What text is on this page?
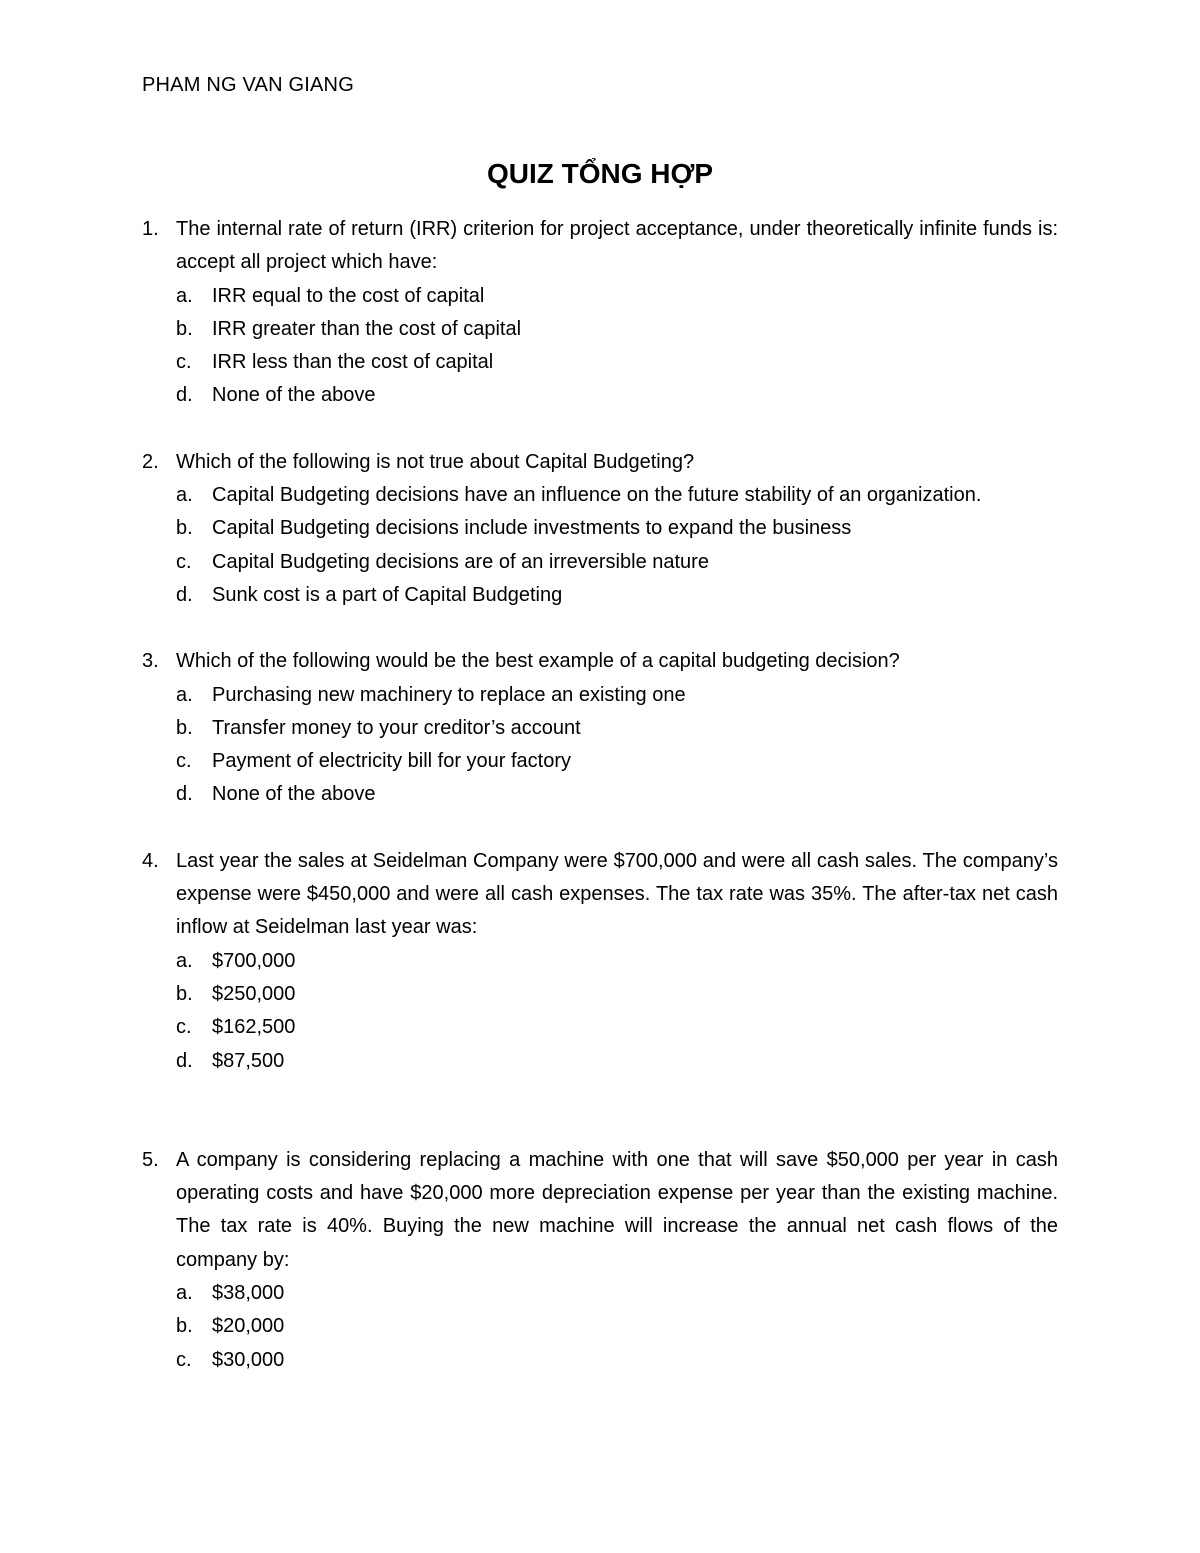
PHAM NG VAN GIANG
QUIZ TỔNG HỢP
1. The internal rate of return (IRR) criterion for project acceptance, under theoretically infinite funds is: accept all project which have:
a. IRR equal to the cost of capital
b. IRR greater than the cost of capital
c. IRR less than the cost of capital
d. None of the above
2. Which of the following is not true about Capital Budgeting?
a. Capital Budgeting decisions have an influence on the future stability of an organization.
b. Capital Budgeting decisions include investments to expand the business
c. Capital Budgeting decisions are of an irreversible nature
d. Sunk cost is a part of Capital Budgeting
3. Which of the following would be the best example of a capital budgeting decision?
a. Purchasing new machinery to replace an existing one
b. Transfer money to your creditor’s account
c. Payment of electricity bill for your factory
d. None of the above
4. Last year the sales at Seidelman Company were $700,000 and were all cash sales. The company’s expense were $450,000 and were all cash expenses. The tax rate was 35%. The after-tax net cash inflow at Seidelman last year was:
a. $700,000
b. $250,000
c. $162,500
d. $87,500
5. A company is considering replacing a machine with one that will save $50,000 per year in cash operating costs and have $20,000 more depreciation expense per year than the existing machine. The tax rate is 40%. Buying the new machine will increase the annual net cash flows of the company by:
a. $38,000
b. $20,000
c. $30,000
